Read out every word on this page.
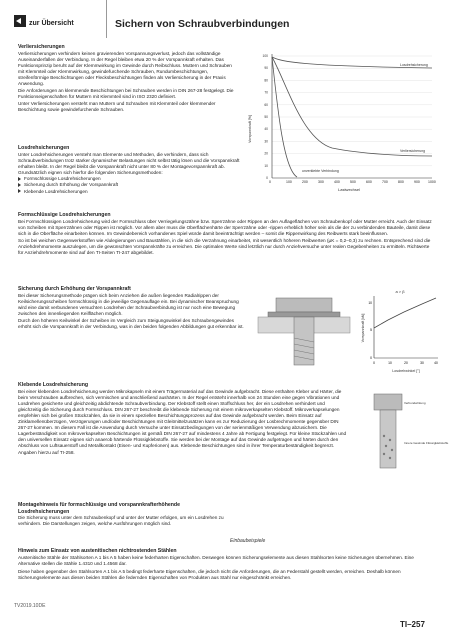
zur Übersicht	Sichern von Schraubverbindungen

Verliersicherungen

Verliersicherungen verhindern keinen gravierenden Vorspannungsverlust, jedoch das vollständige Auseinanderfallen der Verbindung. In der Regel bleiben etwa 20 % der Vorspannkraft erhalten. Das Funktionsprinzip beruht auf der Klemmwirkung im Gewinde durch Reibschluss. Muttern und Schrauben mit Klemmteil oder Klemmwirkung, gewindefurchende Schrauben, Rundumbeschichtungen, streifenförmige Beschichtungen oder Flecksbeschichtungen finden als Verliersicherung in der Praxis Anwendung.

Die Anforderungen an klemmende Beschichtungen bei Schrauben werden in DIN 267-28 festgelegt. Die Funktionseigenschaften für Muttern mit Klemmteil sind in ISO 2320 definiert.

Unter Verliersicherungen versteht man Muttern und Schrauben mit Klemmteil oder klemmender Beschichtung sowie gewindefurchende Schrauben.

Losdrehsicherungen

Unter Losdrehsicherungen versteht man Elemente und Methoden, die verhindern, dass sich Schraubverbindungen trotz starker dynamischer Belastungen nicht selbst tätig lösen und die Vorspannkraft erhalten bleibt. In der Regel bleibt die Vorspannkraft nicht unter 80 % der Montagevorspannkraft ab. Grundsätzlich eignen sich hierfür die folgenden Sicherungsmethoden:

Formschlüssige Losdrehsicherungen
Sicherung durch Erhöhung der Vorspannkraft
Klebende Losdrehsicherungen
Vorspannkraft [%]
100
90
80
70
60
50
40
30
20
10
0
Losdrehsicherung
Verliersicherung
unverklebte Verbindung
0	100	200	300	400	500	600	700	800	900 1000
Lastwechsel

Formschlüssige Losdrehsicherungen

Bei Formschlüssigen Losdrehsicherung wird der Formschluss über Verriegelungszähne bzw. Sperrzähne oder Rippen an den Auflageflächen von Schraubenkopf oder Mutter erreicht. Auch der Einsatz von Scheiben mit Sperrzähnen oder Rippen ist möglich. Vor allem aber muss die Oberflächenhärte der Sperrzähne oder -rippen erheblich höher sein als die der zu verbindenden Bauteile, damit diese sich in die Oberfläche einarbeiten können. Im Gewindebereich vorhandenes Spiel würde damit beeinträchtigt werden – somit die Rippenwirkung des Reibwerts stark beeinflussen.

So ist bei weichen Gegenwerkstoffen wie Alulegierungen und Baustählen, in die sich die Verzahnung einarbeitet, mit wesentlich höheren Reibwerten (µK = 0,2–0,3) zu rechnen. Entsprechend sind die Anziehdrehmomente auszulegen, um die gewünschten Vorspannkräfte zu erreichen. Die optimalen Werte sind letztlich nur durch Anziehversuche unter realen Gegebenheiten zu ermitteln. Richtwerte für Anziehdrehmomente sind auf den TI-Seiten TI-247 abgebildet.

Sicherung durch Erhöhung der Vorspannkraft

Bei dieser Sicherungsmethode prägen sich beim Anziehen die außen liegenden Radialrippen der Keilsicherungsscheiben formschlüssig in die jeweilige Gegenauflage ein. Bei dynamischer Beanspruchung wird eine damit verbundenen versuchten Losdrehen der Schraubverbindung ist nur noch eine Bewegung zwischen den innenliegenden Keilflächen möglich.

Durch den höheren Keilwinkel der Scheiben im Vergleich zum Steigungswinkel des Schraubengewindes erhöht sich die Vorspannkraft in der Verbindung, was in den beiden folgenden Abbildungen gut erkennbar ist.

a > β
Vorspannkraft [kN]
10
5
0
0	10	20	30	40
Losdrehwinkel [°]

Klebende Losdrehsicherung

Bei einer klebenden Losdrehsicherung werden Mikrokapseln mit einem Trägermaterial auf das Gewinde aufgebracht. Diese enthalten Kleber und Härter, die beim Verschrauben aufbrechen, sich vermischen und anschließend aushärten. In der Regel entsteht innerhalb von 24 Stunden eine gegen Vibrationen und Losdrehen gesicherte und gleichzeitig abdichtende Schraubverbindung. Der Klebstoff stellt einen Stoffschluss her, der ein Losdrehen verhindert und gleichzeitig die Sicherung durch Formschluss. DIN 267-27 beschreibt die klebende Sicherung mit einem mikroverkapselten Klebstoff. Mikroverkapselungen empfehlen sich bei großen Stückzahlen, da sie in einem speziellen Beschichtungsprozess auf das Gewinde aufgebracht werden. Beim Einsatz auf Zinklamellenüberzügen, Verzögerungen und/oder Beschichtungen mit Gleitmittelzusätzen kann es zur Reduzierung der Losbrechmomente gegenüber DIN 267-27 kommen. Im diesem Fall ist die Anwendung durch Versuche unter Einsatzbedingungen von der serienmäßigen Verwendung abzusichern. Die Lagerbeständigkeit von mikroverkapselten Beschichtungen ist gemäß DIN 267-27 auf mindestens 4 Jahre ab Fertigung festgelegt. Für kleine Stückzahlen und den universellen Einsatz eignen sich anaerob härtende Flüssigklebstoffe. Sie werden bei der Montage auf das Gewinde aufgetragen und härten durch den Abschluss von Luftsauerstoff und Metallkontakt (Eisen- und Kupferionen) aus. Klebende Beschichtungen sind in ihrer Temperaturbeständigkeit begrenzt. Angaben hierzu auf TI-258.

Verbundwirkung
Innere Gewinde Flüssigklebstoffe

Montagehinweis für formschlüssige und vorspannkrafterhöhende Losdrehsicherungen

Die Sicherung muss unter dem Schraubenkopf und unter der Mutter erfolgen, um ein Losdrehen zu verhindern. Die Darstellungen zeigen, welche Ausführungen möglich sind.

Einbaubeispiele

Hinweis zum Einsatz von austenitischen nichtrostenden Stählen

Austenitische Stähle der Stahlsorten A 1 bis A 5 haben keine federharten Eigenschaften. Deswegen können Sicherungselemente aus diesen Stahlsorten keine Sicherungen übernehmen. Eine Alternative stellen die Stähle 1.4310 und 1.4568 dar.

Diese haben gegenüber den Stahlsorten A 1 bis A 5 bedingt federharte Eigenschaften, die jedoch nicht die Anforderungen, die an Federstahl gestellt werden, erreichen. Deshalb können Sicherungselemente aus diesen beiden Stählen die federnden Eigenschaften von Produkten aus Stahl nur eingeschränkt erreichen.

TV2019.10DE
TI–257
